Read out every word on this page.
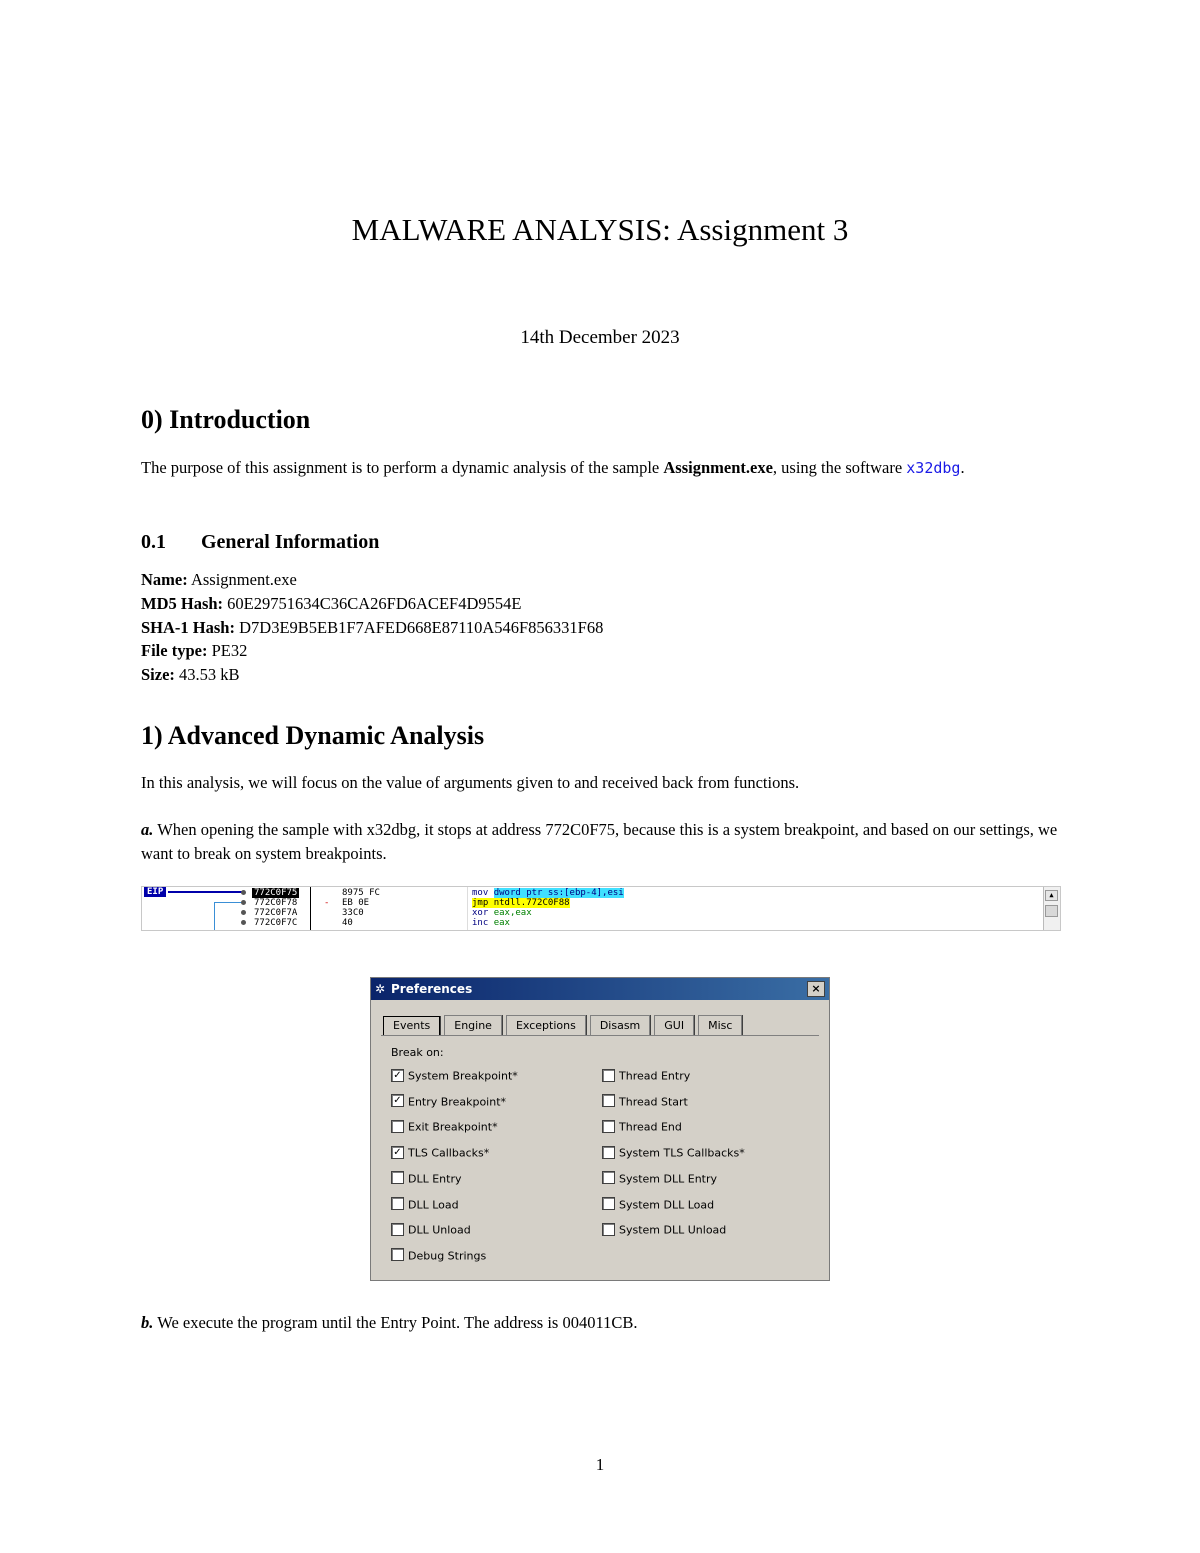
MALWARE ANALYSIS: Assignment 3
14th December 2023
0) Introduction
The purpose of this assignment is to perform a dynamic analysis of the sample Assignment.exe, using the software x32dbg.
0.1 General Information
Name: Assignment.exe
MD5 Hash: 60E29751634C36CA26FD6ACEF4D9554E
SHA-1 Hash: D7D3E9B5EB1F7AFED668E87110A546F856331F68
File type: PE32
Size: 43.53 kB
1) Advanced Dynamic Analysis
In this analysis, we will focus on the value of arguments given to and received back from functions.
a. When opening the sample with x32dbg, it stops at address 772C0F75, because this is a system breakpoint, and based on our settings, we want to break on system breakpoints.
EIP	772C0F75	8975 FC	mov dword ptr ss:[ebp-4],esi
772C0F78	- EB 0E	jmp ntdll.772C0F88
772C0F7A	33C0	xor eax,eax
772C0F7C	40	inc eax
▲
✲ Preferences	×
Events Engine Exceptions Disasm GUI Misc
Break on:
✓ System Breakpoint*
✓ Entry Breakpoint*
Exit Breakpoint*
✓ TLS Callbacks*
DLL Entry
DLL Load
DLL Unload
Debug Strings
Thread Entry
Thread Start
Thread End
System TLS Callbacks*
System DLL Entry
System DLL Load
System DLL Unload
b. We execute the program until the Entry Point. The address is 004011CB.
1
